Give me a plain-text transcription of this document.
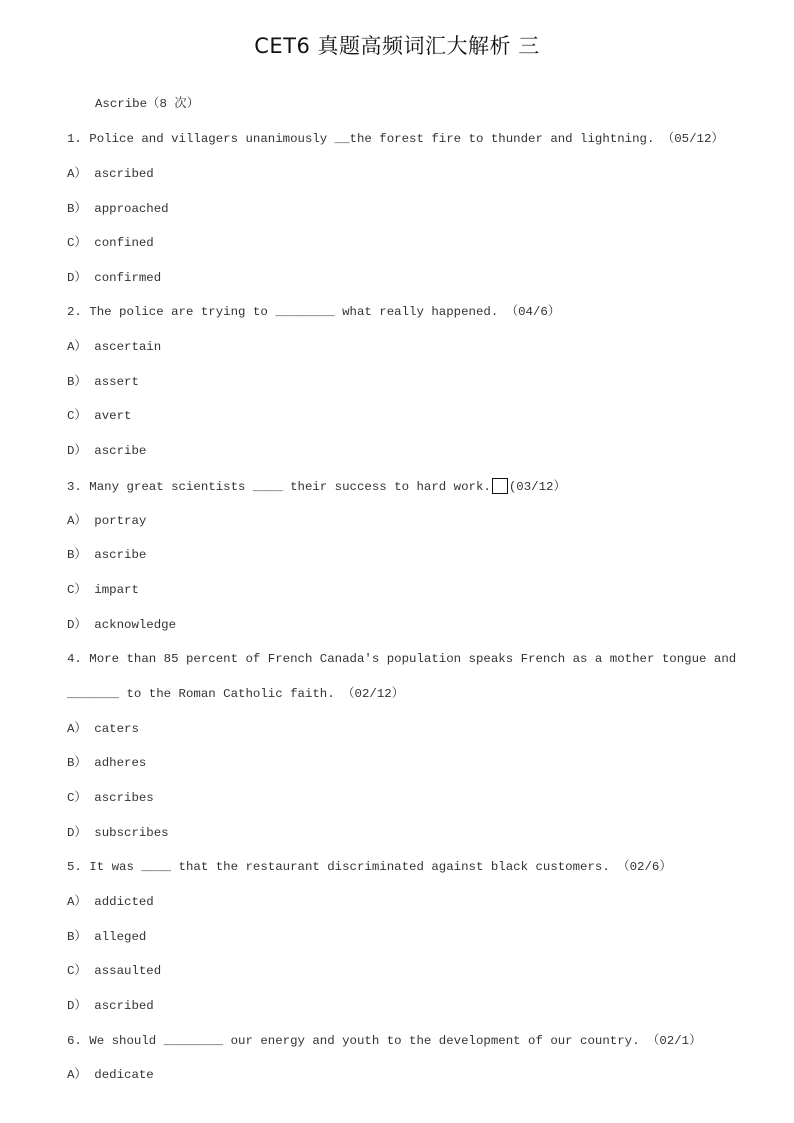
CET6 真题高频词汇大解析 三
Ascribe（8 次）
1. Police and villagers unanimously __the forest fire to thunder and lightning. （05/12）
A） ascribed
B） approached
C） confined
D） confirmed
2. The police are trying to ________ what really happened. （04/6）
A） ascertain
B） assert
C） avert
D） ascribe
3. Many great scientists ____ their success to hard work. (03/12）
A） portray
B） ascribe
C） impart
D） acknowledge
4. More than 85 percent of French Canada's population speaks French as a mother tongue and
_______ to the Roman Catholic faith. （02/12）
A） caters
B） adheres
C） ascribes
D） subscribes
5. It was ____ that the restaurant discriminated against black customers. （02/6）
A） addicted
B） alleged
C） assaulted
D） ascribed
6. We should ________ our energy and youth to the development of our country. （02/1）
A） dedicate
